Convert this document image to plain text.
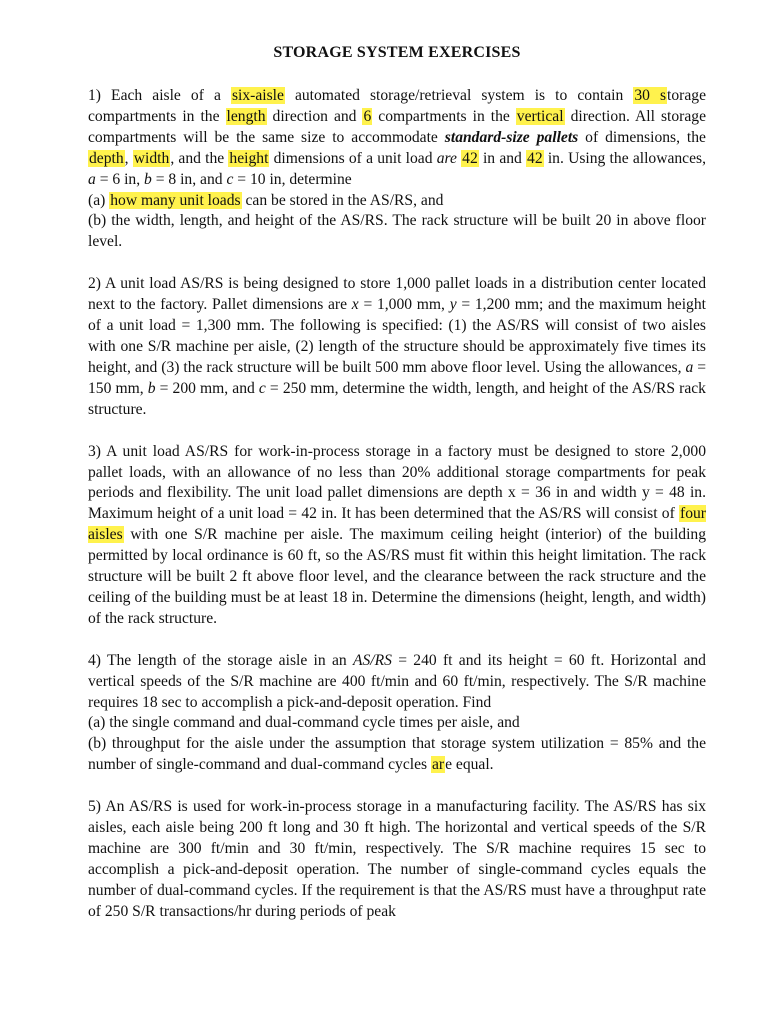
STORAGE SYSTEM EXERCISES
1) Each aisle of a six-aisle automated storage/retrieval system is to contain 30 storage compartments in the length direction and 6 compartments in the vertical direction. All storage compartments will be the same size to accommodate standard-size pallets of dimensions, the depth, width, and the height dimensions of a unit load are 42 in and 42 in. Using the allowances, a = 6 in, b = 8 in, and c = 10 in, determine
(a) how many unit loads can be stored in the AS/RS, and
(b) the width, length, and height of the AS/RS. The rack structure will be built 20 in above floor level.
2) A unit load AS/RS is being designed to store 1,000 pallet loads in a distribution center located next to the factory. Pallet dimensions are x = 1,000 mm, y = 1,200 mm; and the maximum height of a unit load = 1,300 mm. The following is specified: (1) the AS/RS will consist of two aisles with one S/R machine per aisle, (2) length of the structure should be approximately five times its height, and (3) the rack structure will be built 500 mm above floor level. Using the allowances, a = 150 mm, b = 200 mm, and c = 250 mm, determine the width, length, and height of the AS/RS rack structure.
3) A unit load AS/RS for work-in-process storage in a factory must be designed to store 2,000 pallet loads, with an allowance of no less than 20% additional storage compartments for peak periods and flexibility. The unit load pallet dimensions are depth x = 36 in and width y = 48 in. Maximum height of a unit load = 42 in. It has been determined that the AS/RS will consist of four aisles with one S/R machine per aisle. The maximum ceiling height (interior) of the building permitted by local ordinance is 60 ft, so the AS/RS must fit within this height limitation. The rack structure will be built 2 ft above floor level, and the clearance between the rack structure and the ceiling of the building must be at least 18 in. Determine the dimensions (height, length, and width) of the rack structure.
4) The length of the storage aisle in an AS/RS = 240 ft and its height = 60 ft. Horizontal and vertical speeds of the S/R machine are 400 ft/min and 60 ft/min, respectively. The S/R machine requires 18 sec to accomplish a pick-and-deposit operation. Find
(a) the single command and dual-command cycle times per aisle, and
(b) throughput for the aisle under the assumption that storage system utilization = 85% and the number of single-command and dual-command cycles are equal.
5) An AS/RS is used for work-in-process storage in a manufacturing facility. The AS/RS has six aisles, each aisle being 200 ft long and 30 ft high. The horizontal and vertical speeds of the S/R machine are 300 ft/min and 30 ft/min, respectively. The S/R machine requires 15 sec to accomplish a pick-and-deposit operation. The number of single-command cycles equals the number of dual-command cycles. If the requirement is that the AS/RS must have a throughput rate of 250 S/R transactions/hr during periods of peak
